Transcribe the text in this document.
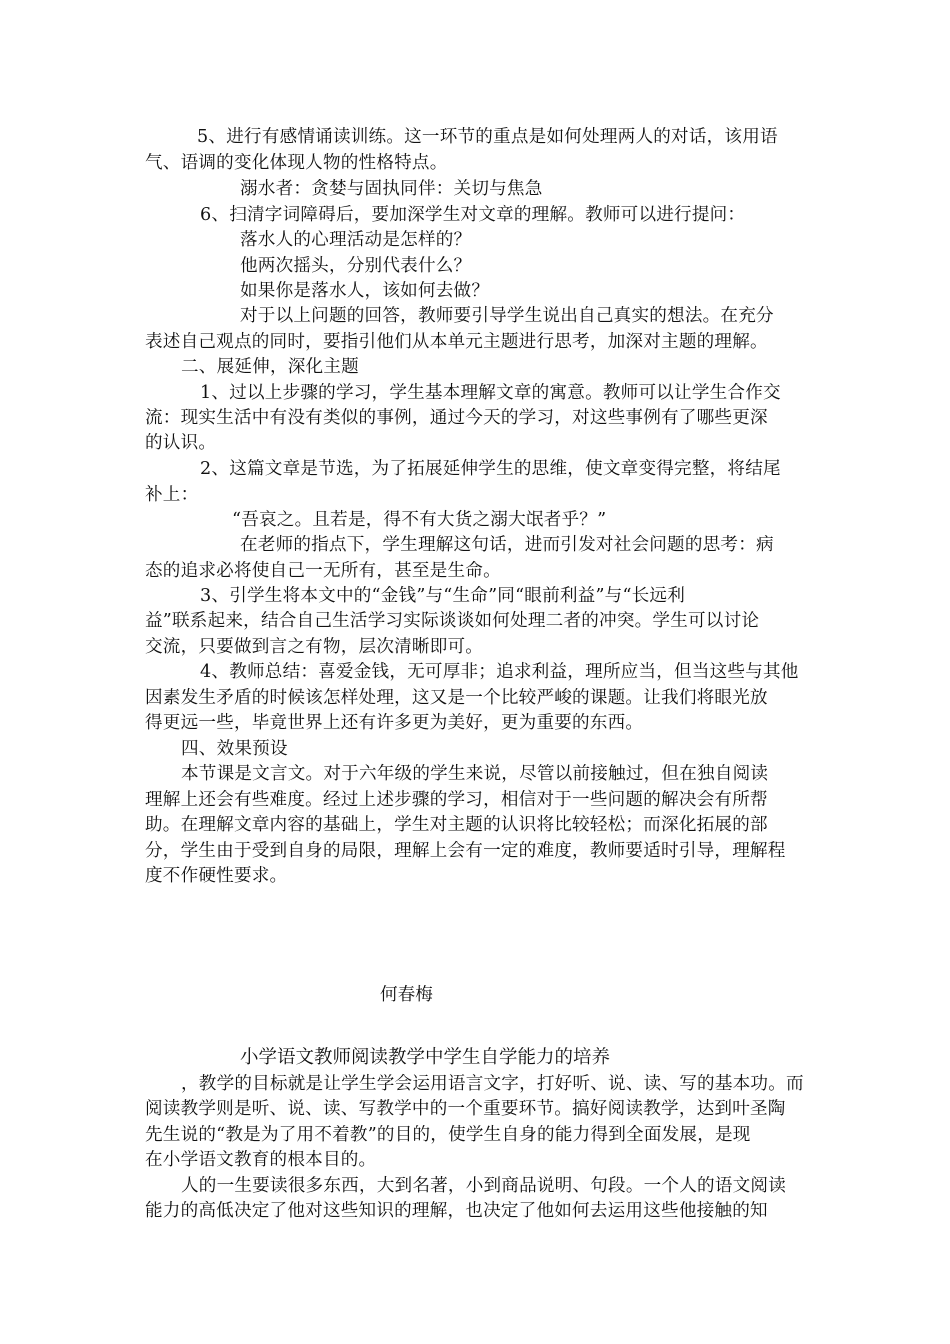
5、进行有感情诵读训练。这一环节的重点是如何处理两人的对话，该用语
气、语调的变化体现人物的性格特点。
溺水者：贪婪与固执同伴：关切与焦急
6、扫清字词障碍后，要加深学生对文章的理解。教师可以进行提问：
落水人的心理活动是怎样的？
他两次摇头，分别代表什么？
如果你是落水人，该如何去做？
对于以上问题的回答，教师要引导学生说出自己真实的想法。在充分
表述自己观点的同时，要指引他们从本单元主题进行思考，加深对主题的理解。
二、展延伸，深化主题
1、过以上步骤的学习，学生基本理解文章的寓意。教师可以让学生合作交
流：现实生活中有没有类似的事例，通过今天的学习，对这些事例有了哪些更深
的认识。
2、这篇文章是节选，为了拓展延伸学生的思维，使文章变得完整，将结尾
补上：
“吾哀之。且若是，得不有大货之溺大氓者乎？”
在老师的指点下，学生理解这句话，进而引发对社会问题的思考：病
态的追求必将使自己一无所有，甚至是生命。
3、引学生将本文中的“金钱”与“生命”同“眼前利益”与“长远利
益”联系起来，结合自己生活学习实际谈谈如何处理二者的冲突。学生可以讨论
交流，只要做到言之有物，层次清晰即可。
4、教师总结：喜爱金钱，无可厚非；追求利益，理所应当，但当这些与其他
因素发生矛盾的时候该怎样处理，这又是一个比较严峻的课题。让我们将眼光放
得更远一些，毕竟世界上还有许多更为美好，更为重要的东西。
四、效果预设
本节课是文言文。对于六年级的学生来说，尽管以前接触过，但在独自阅读
理解上还会有些难度。经过上述步骤的学习，相信对于一些问题的解决会有所帮
助。在理解文章内容的基础上，学生对主题的认识将比较轻松；而深化拓展的部
分，学生由于受到自身的局限，理解上会有一定的难度，教师要适时引导，理解程
度不作硬性要求。
何春梅
小学语文教师阅读教学中学生自学能力的培养
，教学的目标就是让学生学会运用语言文字，打好听、说、读、写的基本功。而
阅读教学则是听、说、读、写教学中的一个重要环节。搞好阅读教学，达到叶圣陶
先生说的“教是为了用不着教”的目的，使学生自身的能力得到全面发展，是现
在小学语文教育的根本目的。
人的一生要读很多东西，大到名著，小到商品说明、句段。一个人的语文阅读
能力的高低决定了他对这些知识的理解，也决定了他如何去运用这些他接触的知
